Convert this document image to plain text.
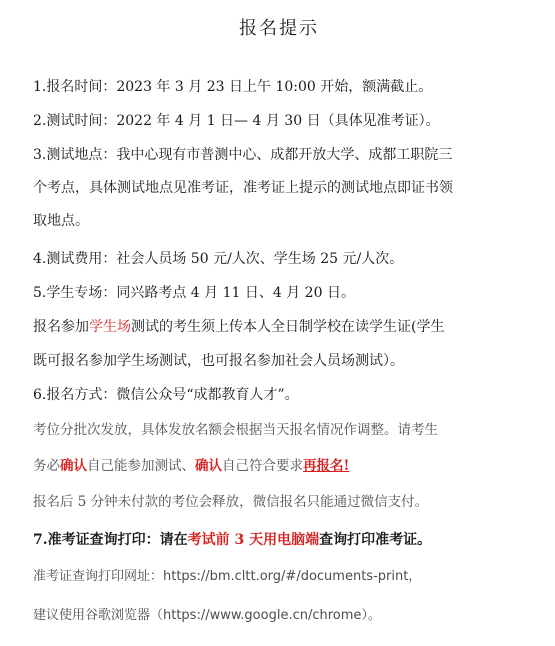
报名提示

1.报名时间：2023 年 3 月 23 日上午 10:00 开始，额满截止。

2.测试时间：2022 年 4 月 1 日— 4 月 30 日（具体见准考证）。

3.测试地点：我中心现有市普测中心、成都开放大学、成都工职院三

个考点，具体测试地点见准考证，准考证上提示的测试地点即证书领

取地点。

4.测试费用：社会人员场 50 元/人次、学生场 25 元/人次。

5.学生专场：同兴路考点 4 月 11 日、4 月 20 日。

报名参加学生场测试的考生须上传本人全日制学校在读学生证(学生

既可报名参加学生场测试，也可报名参加社会人员场测试）。

6.报名方式：微信公众号“成都教育人才”。

考位分批次发放，具体发放名额会根据当天报名情况作调整。请考生

务必确认自己能参加测试、确认自己符合要求再报名!

报名后 5 分钟未付款的考位会释放，微信报名只能通过微信支付。

7.准考证查询打印：请在考试前 3 天用电脑端查询打印准考证。

准考证查询打印网址：https://bm.cltt.org/#/documents-print，

建议使用谷歌浏览器（https://www.google.cn/chrome）。
